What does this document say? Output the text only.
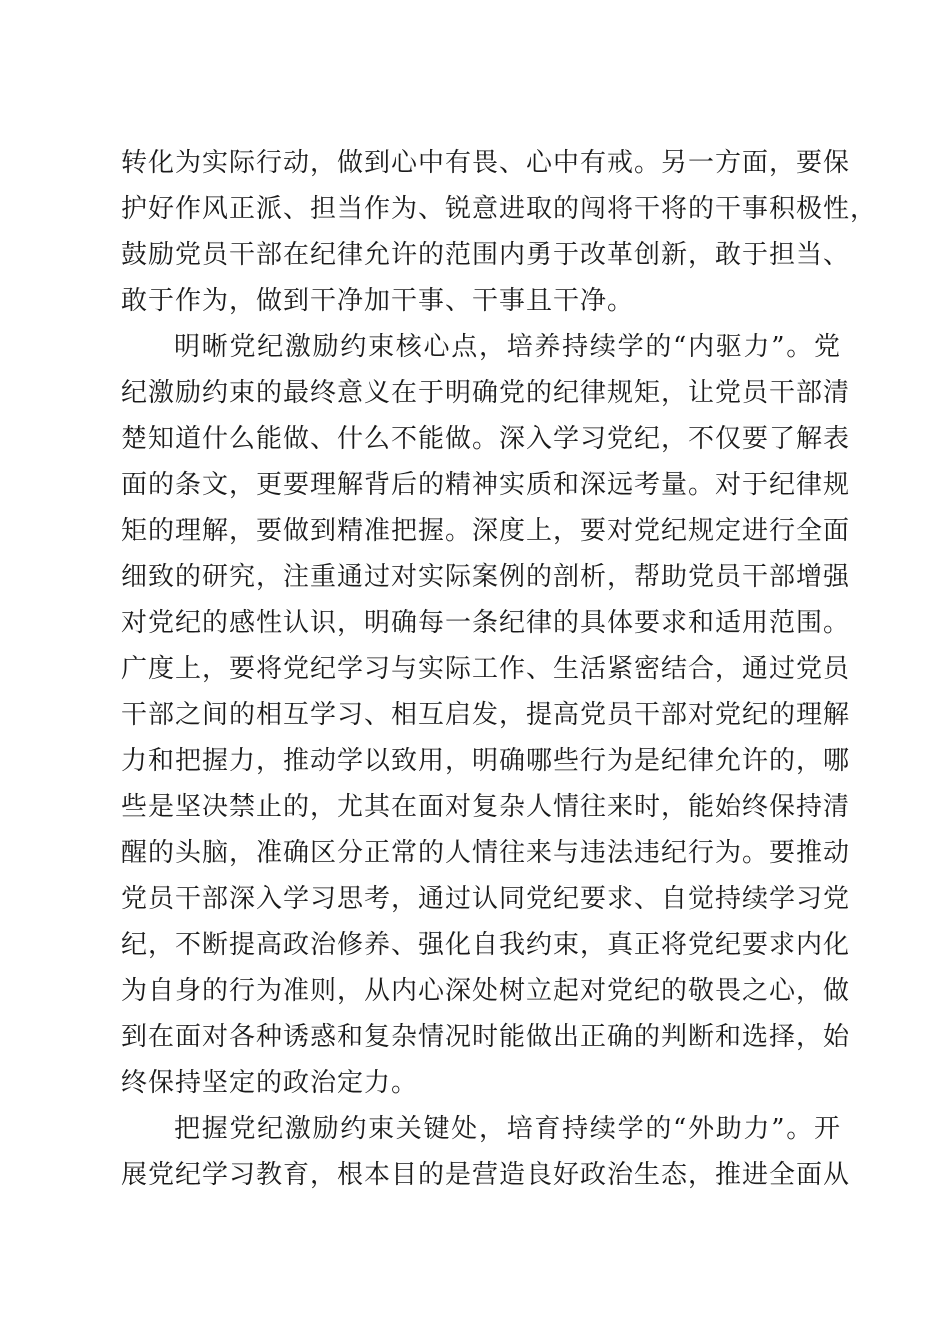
转化为实际行动，做到心中有畏、心中有戒。另一方面，要保
护好作风正派、担当作为、锐意进取的闯将干将的干事积极性，
鼓励党员干部在纪律允许的范围内勇于改革创新，敢于担当、
敢于作为，做到干净加干事、干事且干净。
明晰党纪激励约束核心点，培养持续学的“内驱力”。党
纪激励约束的最终意义在于明确党的纪律规矩，让党员干部清
楚知道什么能做、什么不能做。深入学习党纪，不仅要了解表
面的条文，更要理解背后的精神实质和深远考量。对于纪律规
矩的理解，要做到精准把握。深度上，要对党纪规定进行全面
细致的研究，注重通过对实际案例的剖析，帮助党员干部增强
对党纪的感性认识，明确每一条纪律的具体要求和适用范围。
广度上，要将党纪学习与实际工作、生活紧密结合，通过党员
干部之间的相互学习、相互启发，提高党员干部对党纪的理解
力和把握力，推动学以致用，明确哪些行为是纪律允许的，哪
些是坚决禁止的，尤其在面对复杂人情往来时，能始终保持清
醒的头脑，准确区分正常的人情往来与违法违纪行为。要推动
党员干部深入学习思考，通过认同党纪要求、自觉持续学习党
纪，不断提高政治修养、强化自我约束，真正将党纪要求内化
为自身的行为准则，从内心深处树立起对党纪的敬畏之心，做
到在面对各种诱惑和复杂情况时能做出正确的判断和选择，始
终保持坚定的政治定力。
把握党纪激励约束关键处，培育持续学的“外助力”。开
展党纪学习教育，根本目的是营造良好政治生态，推进全面从
